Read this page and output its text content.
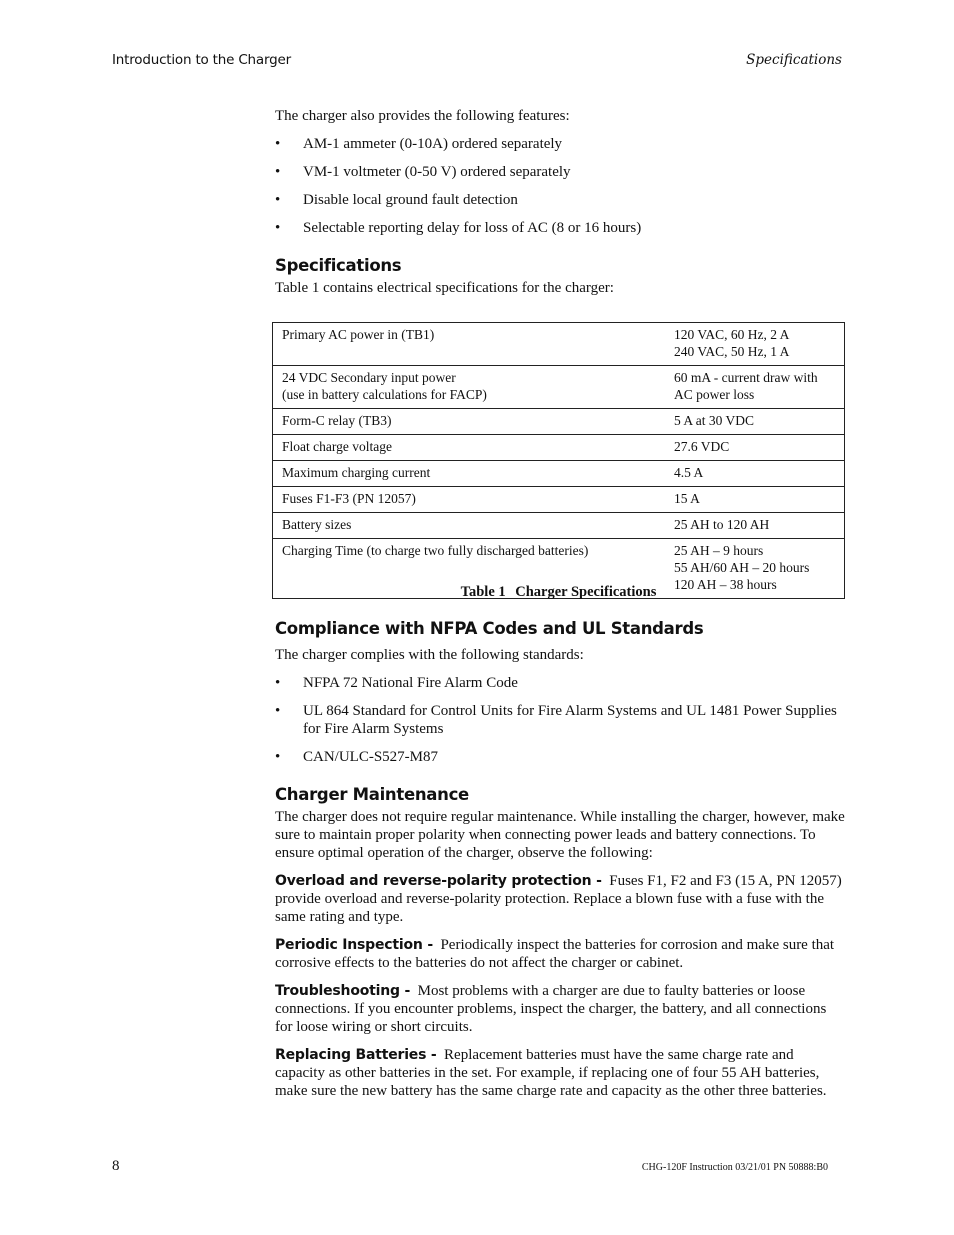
Introduction to the Charger	Specifications

The charger also provides the following features:

• AM-1 ammeter (0-10A) ordered separately
• VM-1 voltmeter (0-50 V) ordered separately
• Disable local ground fault detection
• Selectable reporting delay for loss of AC (8 or 16 hours)
Specifications

Table 1 contains electrical specifications for the charger:

Primary AC power in (TB1)	120 VAC, 60 Hz, 2 A
240 VAC, 50 Hz, 1 A

24 VDC Secondary input power
(use in battery calculations for FACP)	60 mA - current draw with
AC power loss

Form-C relay (TB3)	5 A at 30 VDC

Float charge voltage	27.6 VDC

Maximum charging current	4.5 A

Fuses F1-F3 (PN 12057)	15 A

Battery sizes	25 AH to 120 AH

Charging Time (to charge two fully discharged batteries)	25 AH – 9 hours
55 AH/60 AH – 20 hours
120 AH – 38 hours
Table 1 Charger Specifications
Compliance with NFPA Codes and UL Standards

The charger complies with the following standards:

• NFPA 72 National Fire Alarm Code
• UL 864 Standard for Control Units for Fire Alarm Systems and UL 1481 Power Supplies for Fire Alarm Systems
• CAN/ULC-S527-M87
Charger Maintenance

The charger does not require regular maintenance. While installing the charger, however, make sure to maintain proper polarity when connecting power leads and battery connections. To ensure optimal operation of the charger, observe the following:

Overload and reverse-polarity protection - Fuses F1, F2 and F3 (15 A, PN 12057) provide overload and reverse-polarity protection. Replace a blown fuse with a fuse with the same rating and type.

Periodic Inspection - Periodically inspect the batteries for corrosion and make sure that corrosive effects to the batteries do not affect the charger or cabinet.

Troubleshooting - Most problems with a charger are due to faulty batteries or loose connections. If you encounter problems, inspect the charger, the battery, and all connections for loose wiring or short circuits.

Replacing Batteries - Replacement batteries must have the same charge rate and capacity as other batteries in the set. For example, if replacing one of four 55 AH batteries, make sure the new battery has the same charge rate and capacity as the other three batteries.

8	CHG-120F Instruction 03/21/01 PN 50888:B0
